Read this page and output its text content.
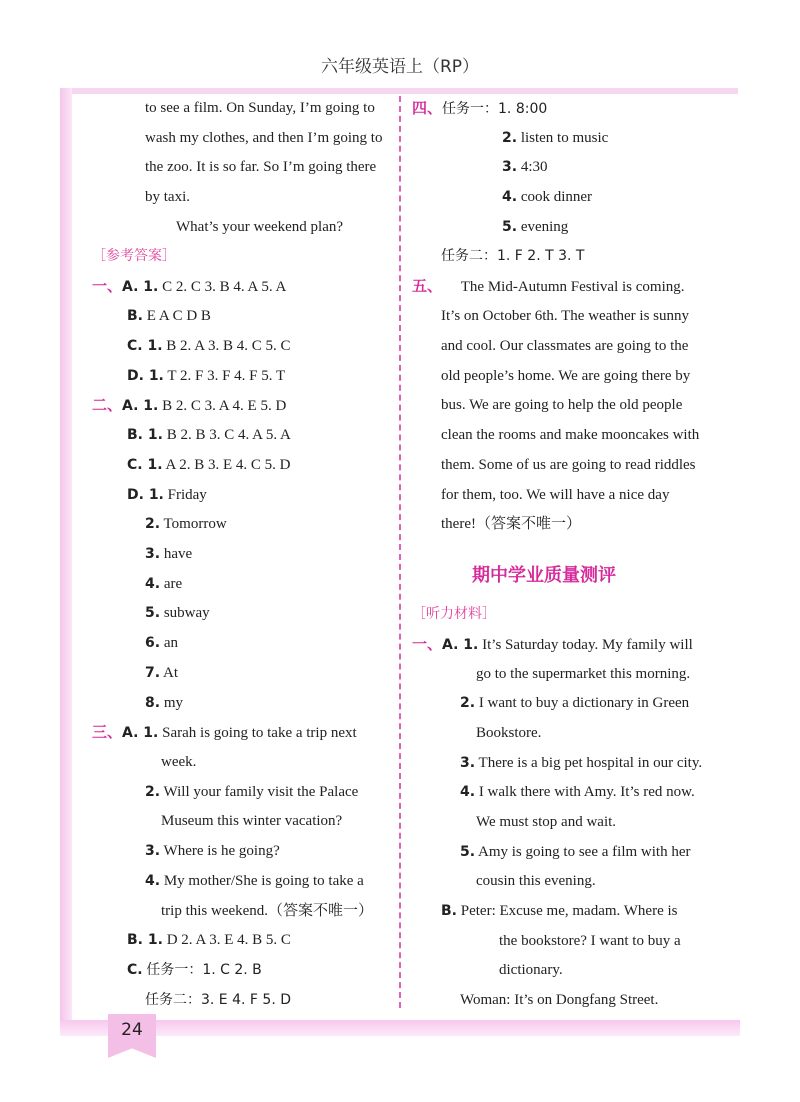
六年级英语上（RP）
24
to see a film. On Sunday, I’m going to
wash my clothes, and then I’m going to
the zoo. It is so far. So I’m going there
by taxi.
What’s your weekend plan?
［参考答案］
一、A. 1. C 2. C 3. B 4. A 5. A
B. E A C D B
C. 1. B 2. A 3. B 4. C 5. C
D. 1. T 2. F 3. F 4. F 5. T
二、A. 1. B 2. C 3. A 4. E 5. D
B. 1. B 2. B 3. C 4. A 5. A
C. 1. A 2. B 3. E 4. C 5. D
D. 1. Friday
2. Tomorrow
3. have
4. are
5. subway
6. an
7. At
8. my
三、A. 1. Sarah is going to take a trip next
week.
2. Will your family visit the Palace
Museum this winter vacation?
3. Where is he going?
4. My mother/She is going to take a
trip this weekend.（答案不唯一）
B. 1. D 2. A 3. E 4. B 5. C
C. 任务一：1. C 2. B
任务二：3. E 4. F 5. D
四、任务一：1. 8:00
2. listen to music
3. 4:30
4. cook dinner
5. evening
任务二：1. F 2. T 3. T
五、 The Mid-Autumn Festival is coming.
It’s on October 6th. The weather is sunny
and cool. Our classmates are going to the
old people’s home. We are going there by
bus. We are going to help the old people
clean the rooms and make mooncakes with
them. Some of us are going to read riddles
for them, too. We will have a nice day
there!（答案不唯一）
期中学业质量测评
［听力材料］
一、A. 1. It’s Saturday today. My family will
go to the supermarket this morning.
2. I want to buy a dictionary in Green
Bookstore.
3. There is a big pet hospital in our city.
4. I walk there with Amy. It’s red now.
We must stop and wait.
5. Amy is going to see a film with her
cousin this evening.
B. Peter: Excuse me, madam. Where is
the bookstore? I want to buy a
dictionary.
Woman: It’s on Dongfang Street.
